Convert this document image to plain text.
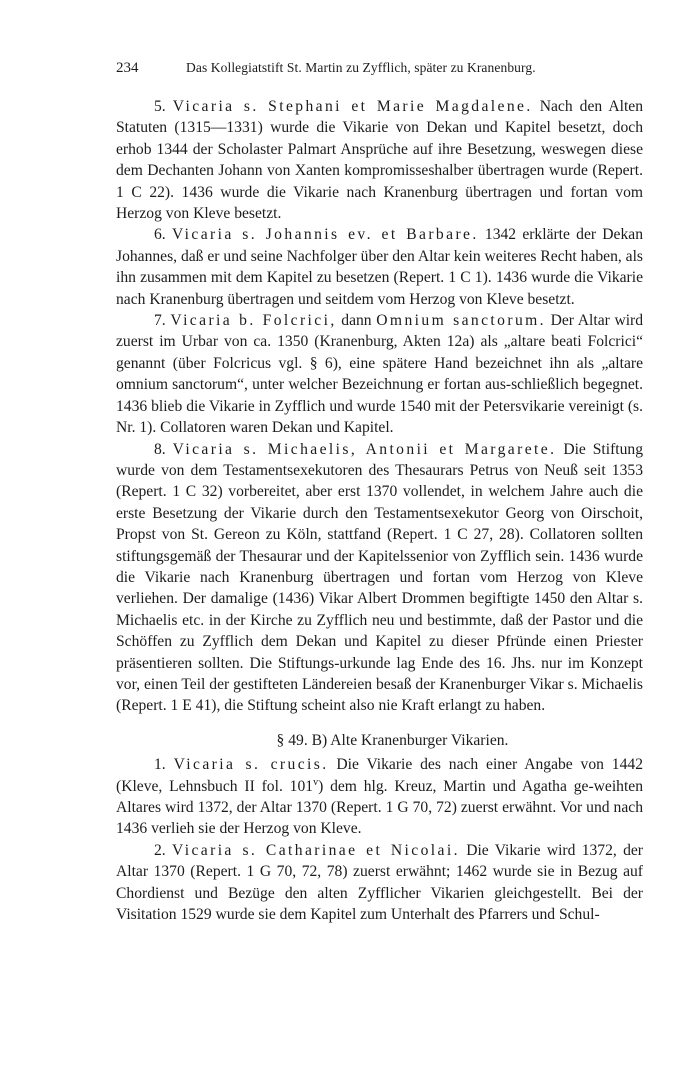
234	Das Kollegiatstift St. Martin zu Zyfflich, später zu Kranenburg.

5. Vicaria s. Stephani et Marie Magdalene. Nach den Alten Statuten (1315—1331) wurde die Vikarie von Dekan und Kapitel besetzt, doch erhob 1344 der Scholaster Palmart Ansprüche auf ihre Besetzung, weswegen diese dem Dechanten Johann von Xanten kompromisseshalber übertragen wurde (Repert. 1 C 22). 1436 wurde die Vikarie nach Kranenburg übertragen und fortan vom Herzog von Kleve besetzt.

6. Vicaria s. Johannis ev. et Barbare. 1342 erklärte der Dekan Johannes, daß er und seine Nachfolger über den Altar kein weiteres Recht haben, als ihn zusammen mit dem Kapitel zu besetzen (Repert. 1 C 1). 1436 wurde die Vikarie nach Kranenburg übertragen und seitdem vom Herzog von Kleve besetzt.

7. Vicaria b. Folcrici, dann Omnium sanctorum. Der Altar wird zuerst im Urbar von ca. 1350 (Kranenburg, Akten 12a) als „altare beati Folcrici“ genannt (über Folcricus vgl. § 6), eine spätere Hand bezeichnet ihn als „altare omnium sanctorum“, unter welcher Bezeichnung er fortan aus-schließlich begegnet. 1436 blieb die Vikarie in Zyfflich und wurde 1540 mit der Petersvikarie vereinigt (s. Nr. 1). Collatoren waren Dekan und Kapitel.

8. Vicaria s. Michaelis, Antonii et Margarete. Die Stiftung wurde von dem Testamentsexekutoren des Thesaurars Petrus von Neuß seit 1353 (Repert. 1 C 32) vorbereitet, aber erst 1370 vollendet, in welchem Jahre auch die erste Besetzung der Vikarie durch den Testamentsexekutor Georg von Oirschoit, Propst von St. Gereon zu Köln, stattfand (Repert. 1 C 27, 28). Collatoren sollten stiftungsgemäß der Thesaurar und der Kapitelssenior von Zyfflich sein. 1436 wurde die Vikarie nach Kranenburg übertragen und fortan vom Herzog von Kleve verliehen. Der damalige (1436) Vikar Albert Drommen begiftigte 1450 den Altar s. Michaelis etc. in der Kirche zu Zyfflich neu und bestimmte, daß der Pastor und die Schöffen zu Zyfflich dem Dekan und Kapitel zu dieser Pfründe einen Priester präsentieren sollten. Die Stiftungs-urkunde lag Ende des 16. Jhs. nur im Konzept vor, einen Teil der gestifteten Ländereien besaß der Kranenburger Vikar s. Michaelis (Repert. 1 E 41), die Stiftung scheint also nie Kraft erlangt zu haben.

§ 49. B) Alte Kranenburger Vikarien.

1. Vicaria s. crucis. Die Vikarie des nach einer Angabe von 1442 (Kleve, Lehnsbuch II fol. 101$^v$) dem hlg. Kreuz, Martin und Agatha ge-weihten Altares wird 1372, der Altar 1370 (Repert. 1 G 70, 72) zuerst erwähnt. Vor und nach 1436 verlieh sie der Herzog von Kleve.

2. Vicaria s. Catharinae et Nicolai. Die Vikarie wird 1372, der Altar 1370 (Repert. 1 G 70, 72, 78) zuerst erwähnt; 1462 wurde sie in Bezug auf Chordienst und Bezüge den alten Zyfflicher Vikarien gleichgestellt. Bei der Visitation 1529 wurde sie dem Kapitel zum Unterhalt des Pfarrers und Schul-
